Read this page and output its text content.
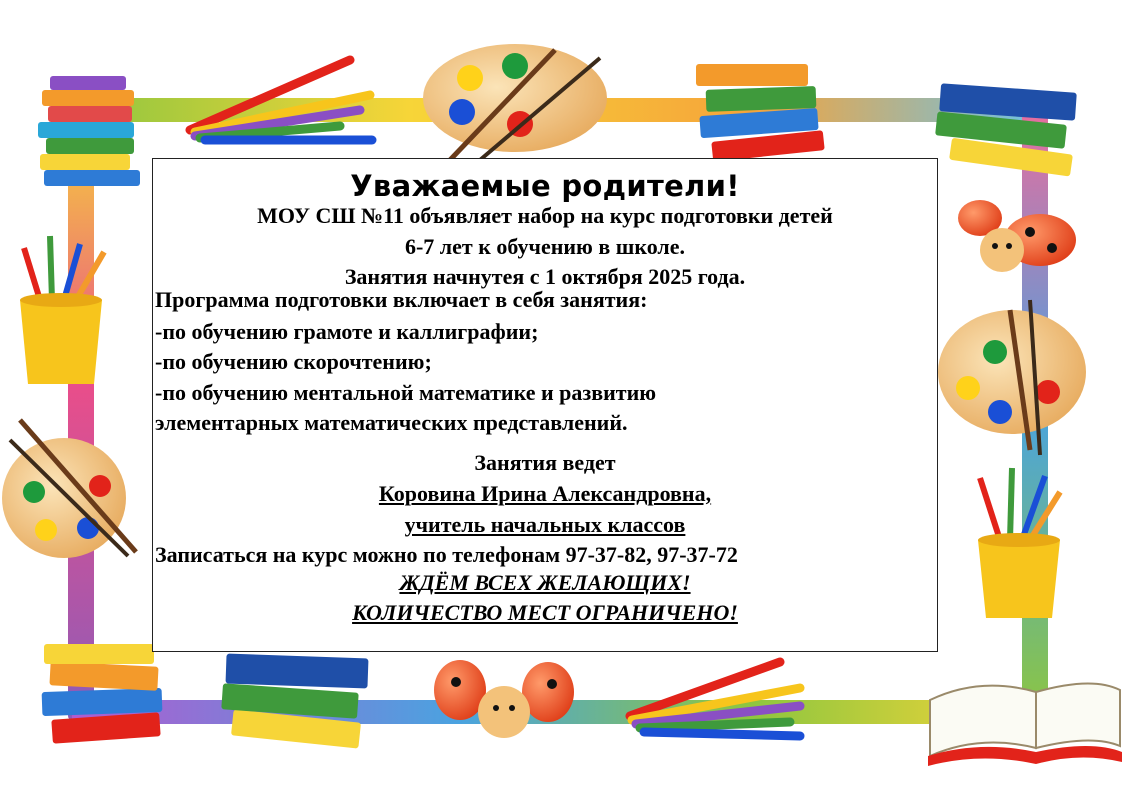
Уважаемые родители!

МОУ СШ №11 объявляет набор на курс подготовки детей

6-7 лет к обучению в школе.

Занятия начнутея с 1 октября 2025 года.

Программа подготовки включает в себя занятия:

-по обучению грамоте и каллиграфии;

-по обучению скорочтению;

-по обучению ментальной математике и развитию

элементарных математических представлений.

Занятия ведет

Коровина Ирина Александровна,

учитель начальных классов

Записаться на курс можно по телефонам 97-37-82, 97-37-72

ЖДЁМ ВСЕХ ЖЕЛАЮЩИХ!

КОЛИЧЕСТВО МЕСТ ОГРАНИЧЕНО!
